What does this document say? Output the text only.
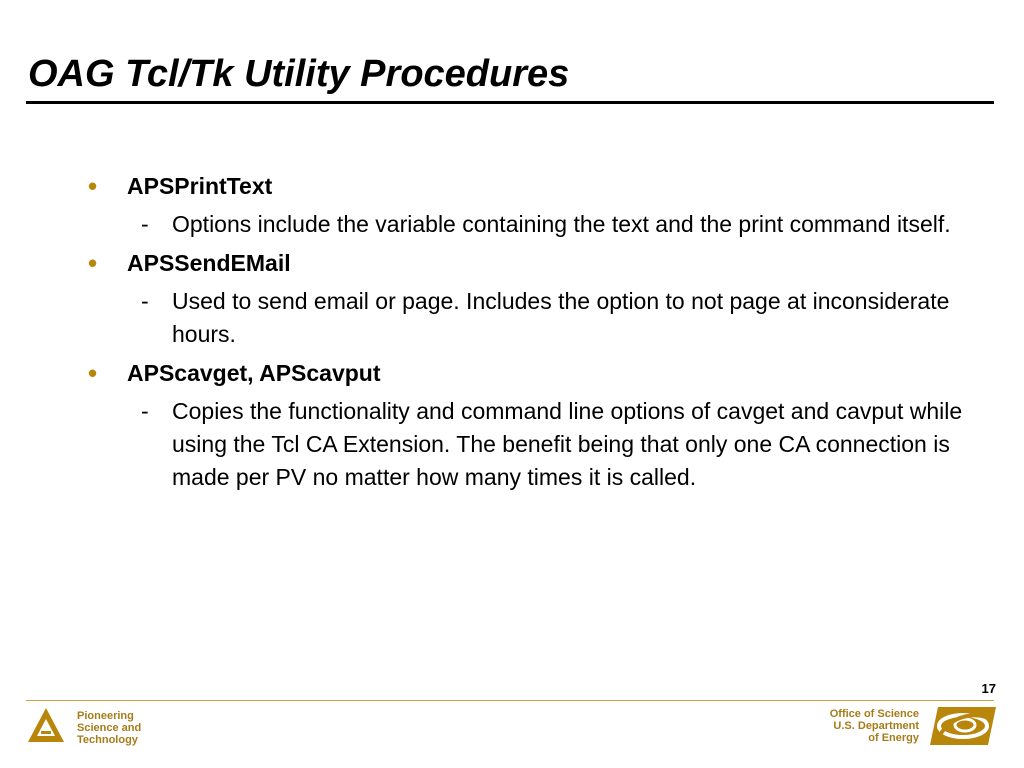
OAG Tcl/Tk Utility Procedures
• APSPrintText
- Options include the variable containing the text and the print command itself.
• APSSendEMail
- Used to send email or page. Includes the option to not page at inconsiderate hours.
• APScavget, APScavput
- Copies the functionality and command line options of cavget and cavput while using the Tcl CA Extension. The benefit being that only one CA connection is made per PV no matter how many times it is called.
17
Pioneering
Science and
Technology
Office of Science
U.S. Department
of Energy
